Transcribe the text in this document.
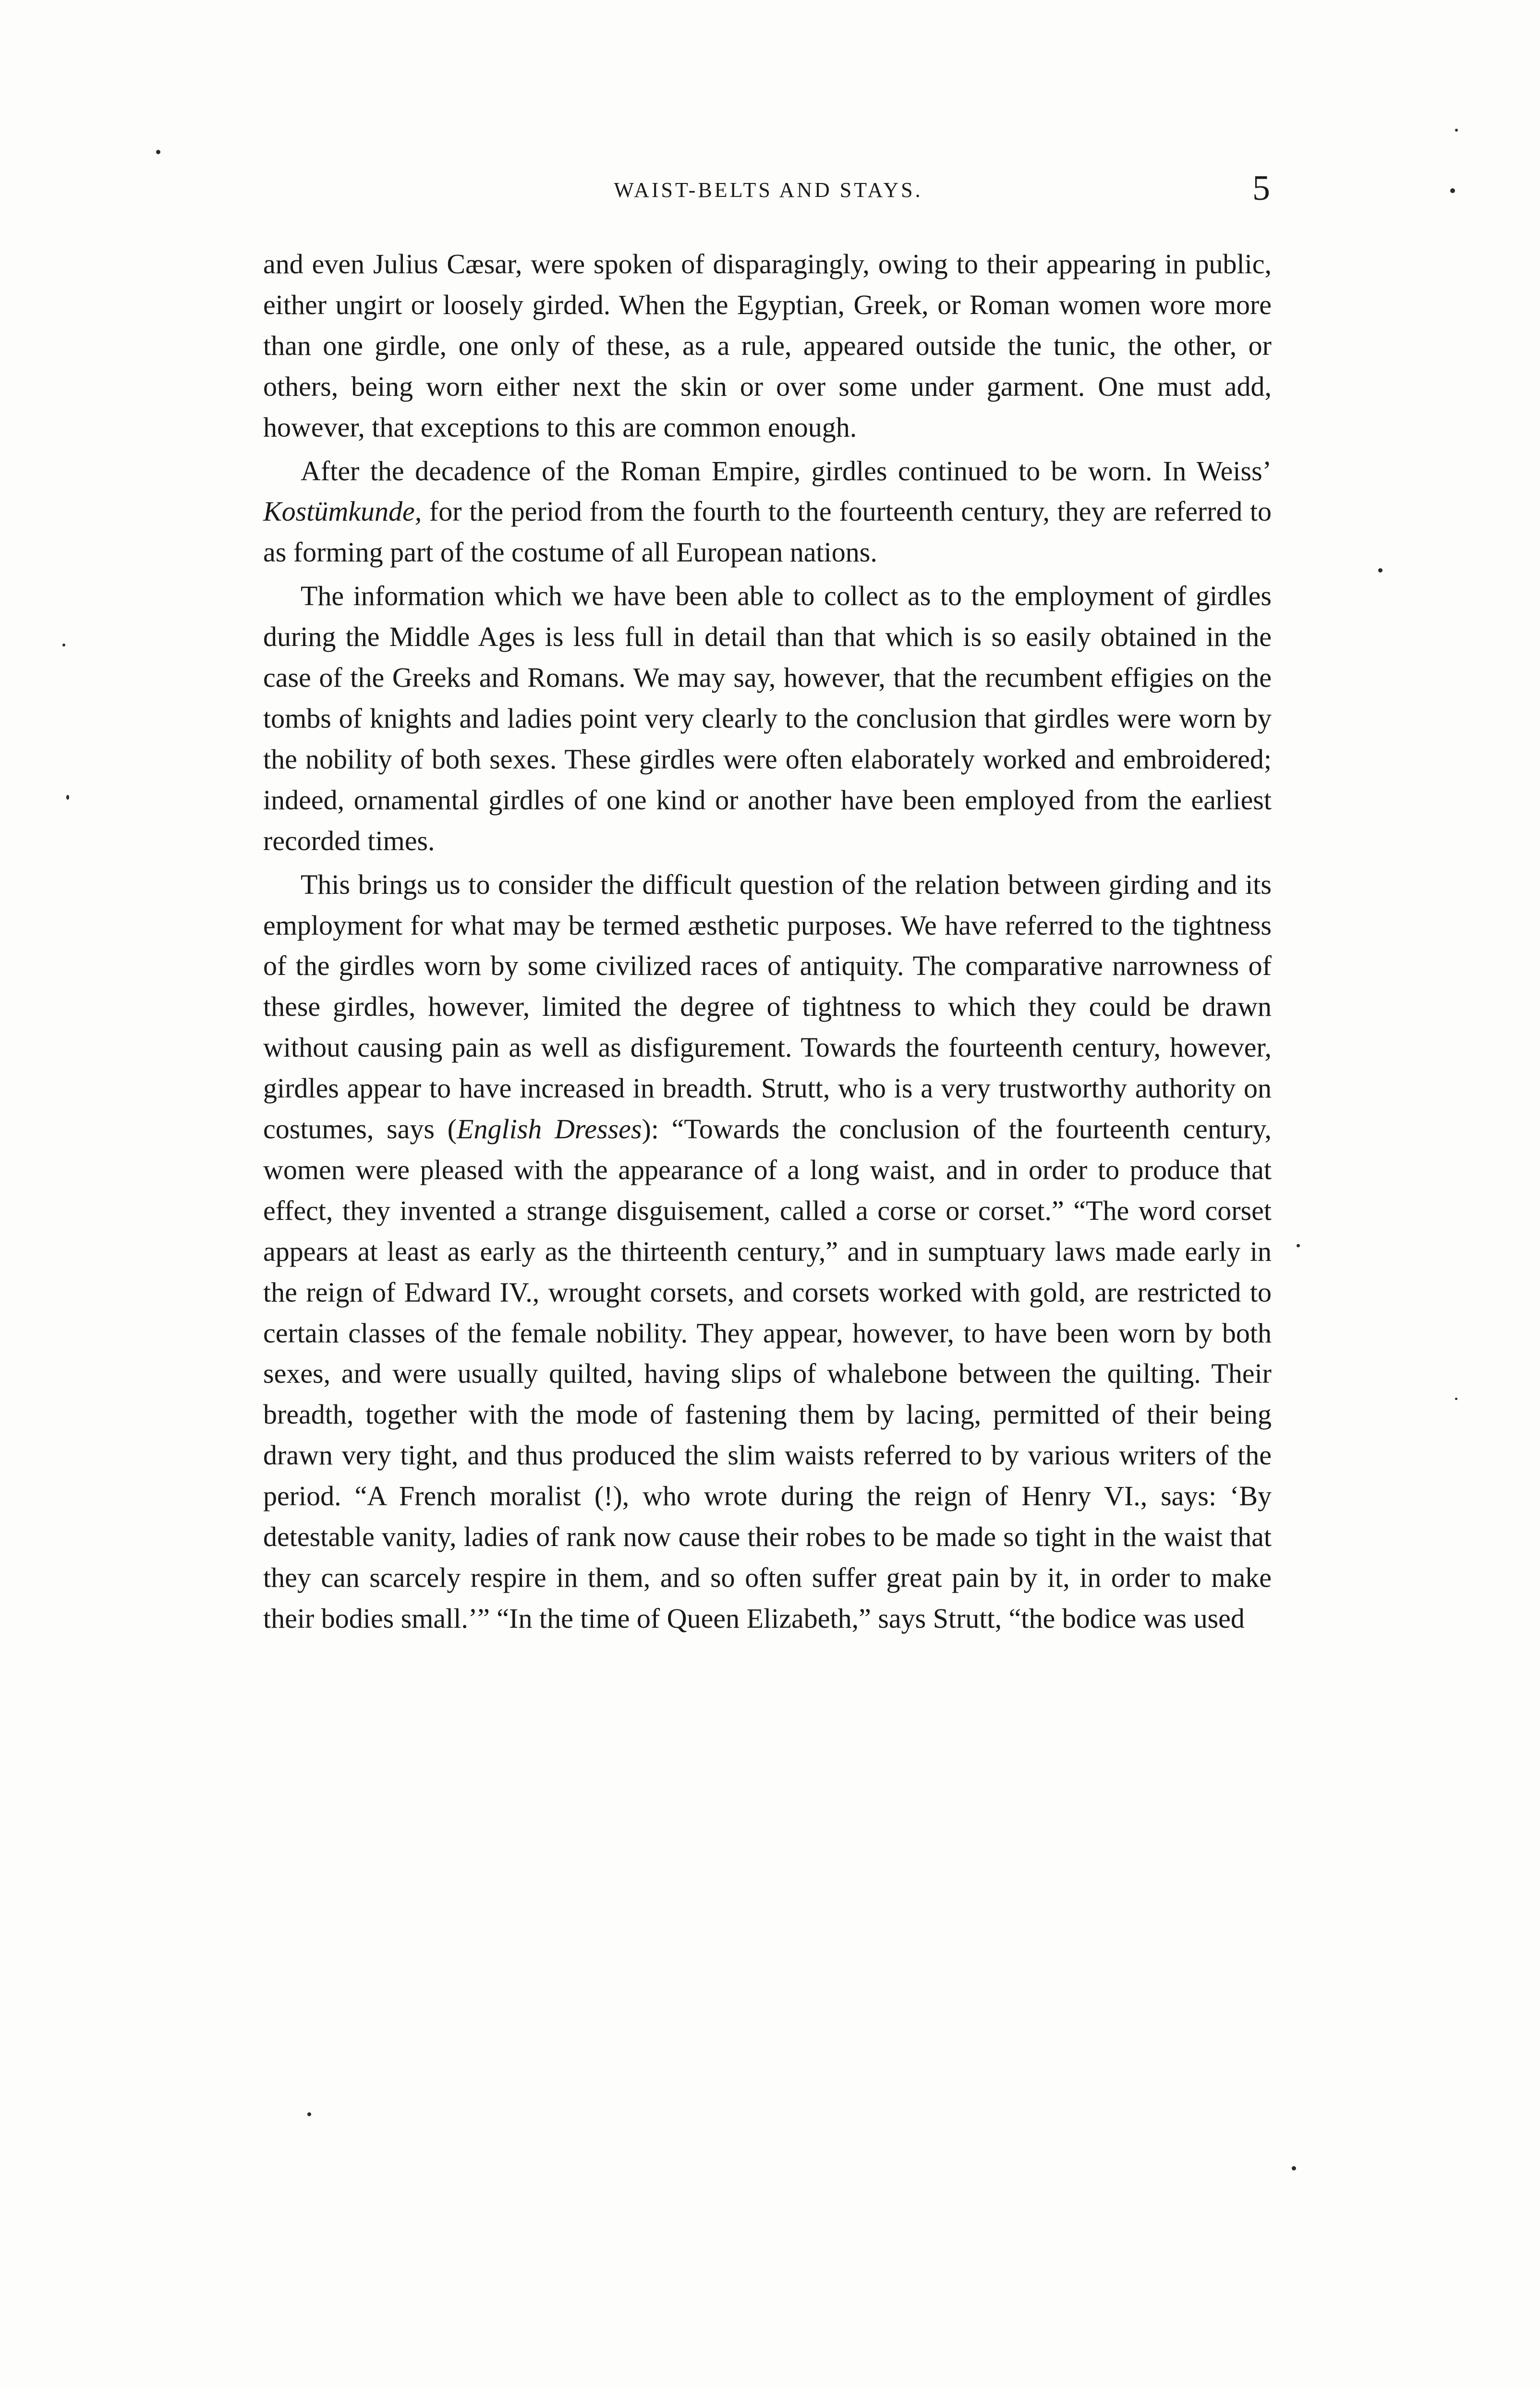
WAIST-BELTS AND STAYS.	5

and even Julius Cæsar, were spoken of disparagingly, owing to their appearing in public, either ungirt or loosely girded. When the Egyptian, Greek, or Roman women wore more than one girdle, one only of these, as a rule, appeared outside the tunic, the other, or others, being worn either next the skin or over some under garment. One must add, however, that exceptions to this are common enough.

After the decadence of the Roman Empire, girdles continued to be worn. In Weiss’ Kostümkunde, for the period from the fourth to the fourteenth century, they are referred to as forming part of the costume of all European nations.

The information which we have been able to collect as to the employment of girdles during the Middle Ages is less full in detail than that which is so easily obtained in the case of the Greeks and Romans. We may say, however, that the recumbent effigies on the tombs of knights and ladies point very clearly to the conclusion that girdles were worn by the nobility of both sexes. These girdles were often elaborately worked and embroidered; indeed, ornamental girdles of one kind or another have been employed from the earliest recorded times.

This brings us to consider the difficult question of the relation between girding and its employment for what may be termed æsthetic purposes. We have referred to the tightness of the girdles worn by some civilized races of antiquity. The comparative narrowness of these girdles, however, limited the degree of tightness to which they could be drawn without causing pain as well as disfigurement. Towards the fourteenth century, however, girdles appear to have increased in breadth. Strutt, who is a very trustworthy authority on costumes, says (English Dresses): “Towards the conclusion of the fourteenth century, women were pleased with the appearance of a long waist, and in order to produce that effect, they invented a strange disguisement, called a corse or corset.” “The word corset appears at least as early as the thirteenth century,” and in sumptuary laws made early in the reign of Edward IV., wrought corsets, and corsets worked with gold, are restricted to certain classes of the female nobility. They appear, however, to have been worn by both sexes, and were usually quilted, having slips of whalebone between the quilting. Their breadth, together with the mode of fastening them by lacing, permitted of their being drawn very tight, and thus produced the slim waists referred to by various writers of the period. “A French moralist (!), who wrote during the reign of Henry VI., says: ‘By detestable vanity, ladies of rank now cause their robes to be made so tight in the waist that they can scarcely respire in them, and so often suffer great pain by it, in order to make their bodies small.’” “In the time of Queen Elizabeth,” says Strutt, “the bodice was used
